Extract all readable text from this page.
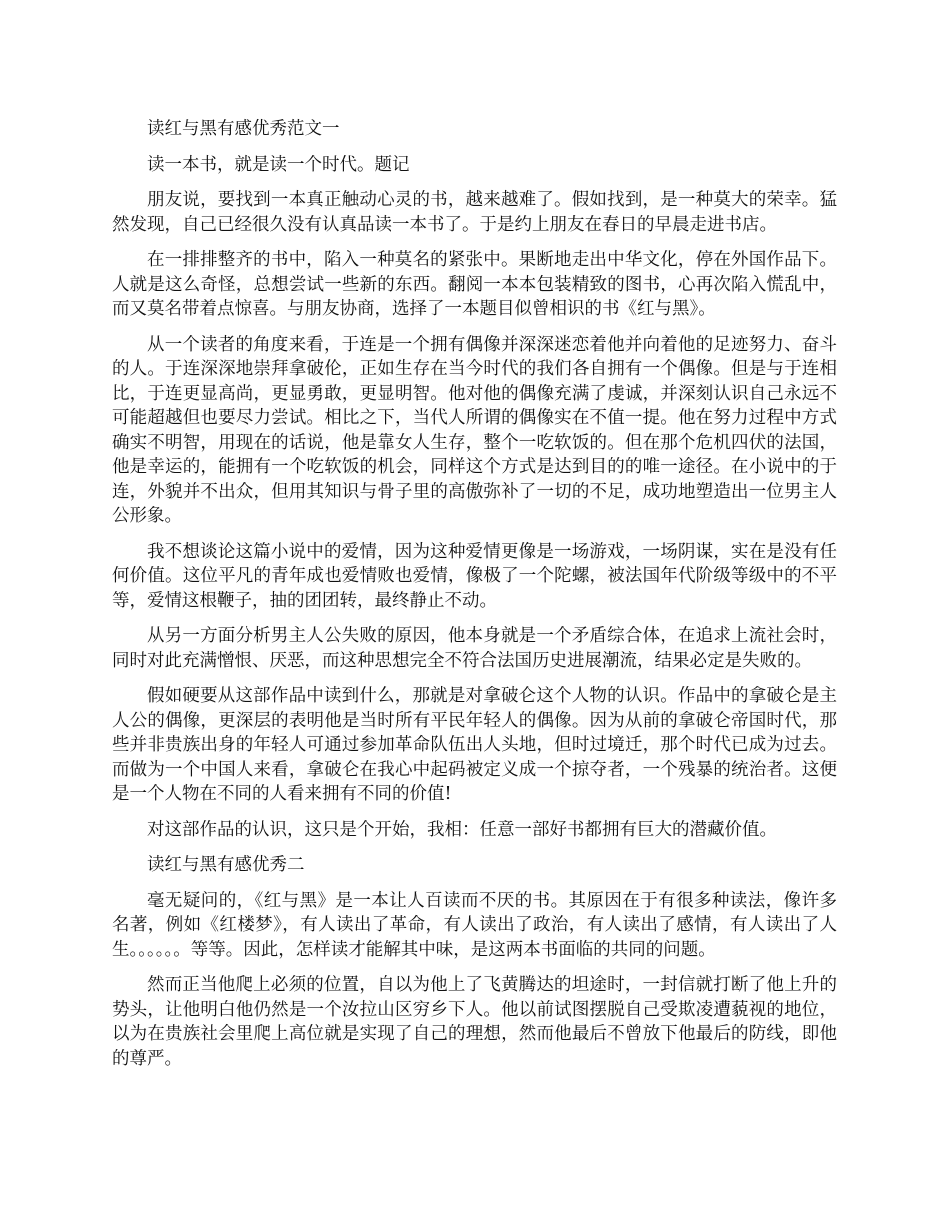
读红与黑有感优秀范文一

读一本书，就是读一个时代。题记

朋友说，要找到一本真正触动心灵的书，越来越难了。假如找到，是一种莫大的荣幸。猛然发现，自己已经很久没有认真品读一本书了。于是约上朋友在春日的早晨走进书店。

在一排排整齐的书中，陷入一种莫名的紧张中。果断地走出中华文化，停在外国作品下。人就是这么奇怪，总想尝试一些新的东西。翻阅一本本包装精致的图书，心再次陷入慌乱中，而又莫名带着点惊喜。与朋友协商，选择了一本题目似曾相识的书《红与黑》。

从一个读者的角度来看，于连是一个拥有偶像并深深迷恋着他并向着他的足迹努力、奋斗的人。于连深深地崇拜拿破伦，正如生存在当今时代的我们各自拥有一个偶像。但是与于连相比，于连更显高尚，更显勇敢，更显明智。他对他的偶像充满了虔诚，并深刻认识自己永远不可能超越但也要尽力尝试。相比之下，当代人所谓的偶像实在不值一提。他在努力过程中方式确实不明智，用现在的话说，他是靠女人生存，整个一吃软饭的。但在那个危机四伏的法国，他是幸运的，能拥有一个吃软饭的机会，同样这个方式是达到目的的唯一途径。在小说中的于连，外貌并不出众，但用其知识与骨子里的高傲弥补了一切的不足，成功地塑造出一位男主人公形象。

我不想谈论这篇小说中的爱情，因为这种爱情更像是一场游戏，一场阴谋，实在是没有任何价值。这位平凡的青年成也爱情败也爱情，像极了一个陀螺，被法国年代阶级等级中的不平等，爱情这根鞭子，抽的团团转，最终静止不动。

从另一方面分析男主人公失败的原因，他本身就是一个矛盾综合体，在追求上流社会时，同时对此充满憎恨、厌恶，而这种思想完全不符合法国历史进展潮流，结果必定是失败的。

假如硬要从这部作品中读到什么，那就是对拿破仑这个人物的认识。作品中的拿破仑是主人公的偶像，更深层的表明他是当时所有平民年轻人的偶像。因为从前的拿破仑帝国时代，那些并非贵族出身的年轻人可通过参加革命队伍出人头地，但时过境迁，那个时代已成为过去。而做为一个中国人来看，拿破仑在我心中起码被定义成一个掠夺者，一个残暴的统治者。这便是一个人物在不同的人看来拥有不同的价值!

对这部作品的认识，这只是个开始，我相：任意一部好书都拥有巨大的潜藏价值。

读红与黑有感优秀二

毫无疑问的，《红与黑》是一本让人百读而不厌的书。其原因在于有很多种读法，像许多名著，例如《红楼梦》，有人读出了革命，有人读出了政治，有人读出了感情，有人读出了人生。。。。。。等等。因此，怎样读才能解其中味，是这两本书面临的共同的问题。

然而正当他爬上必须的位置，自以为他上了飞黄腾达的坦途时，一封信就打断了他上升的势头，让他明白他仍然是一个汝拉山区穷乡下人。他以前试图摆脱自己受欺凌遭藐视的地位，以为在贵族社会里爬上高位就是实现了自己的理想，然而他最后不曾放下他最后的防线，即他的尊严。
